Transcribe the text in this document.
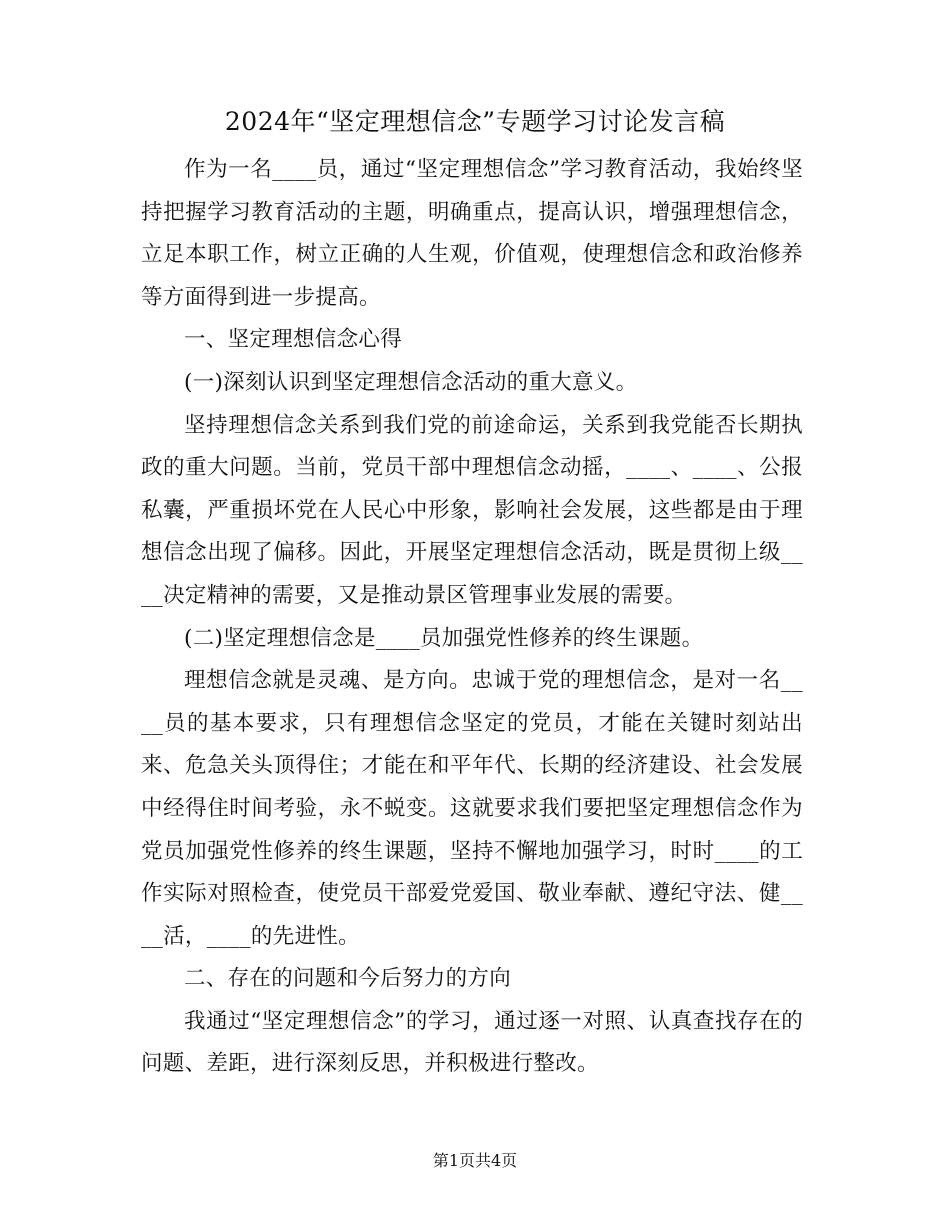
2024年“坚定理想信念”专题学习讨论发言稿

作为一名____员，通过“坚定理想信念”学习教育活动，我始终坚持把握学习教育活动的主题，明确重点，提高认识，增强理想信念，立足本职工作，树立正确的人生观，价值观，使理想信念和政治修养等方面得到进一步提高。

一、坚定理想信念心得

(一)深刻认识到坚定理想信念活动的重大意义。

坚持理想信念关系到我们党的前途命运，关系到我党能否长期执政的重大问题。当前，党员干部中理想信念动摇，____、____、公报私囊，严重损坏党在人民心中形象，影响社会发展，这些都是由于理想信念出现了偏移。因此，开展坚定理想信念活动，既是贯彻上级____决定精神的需要，又是推动景区管理事业发展的需要。

(二)坚定理想信念是____员加强党性修养的终生课题。

理想信念就是灵魂、是方向。忠诚于党的理想信念，是对一名____员的基本要求，只有理想信念坚定的党员，才能在关键时刻站出来、危急关头顶得住；才能在和平年代、长期的经济建设、社会发展中经得住时间考验，永不蜕变。这就要求我们要把坚定理想信念作为党员加强党性修养的终生课题，坚持不懈地加强学习，时时____的工作实际对照检查，使党员干部爱党爱国、敬业奉献、遵纪守法、健____活，____的先进性。

二、存在的问题和今后努力的方向

我通过“坚定理想信念”的学习，通过逐一对照、认真查找存在的问题、差距，进行深刻反思，并积极进行整改。

第1页共4页
